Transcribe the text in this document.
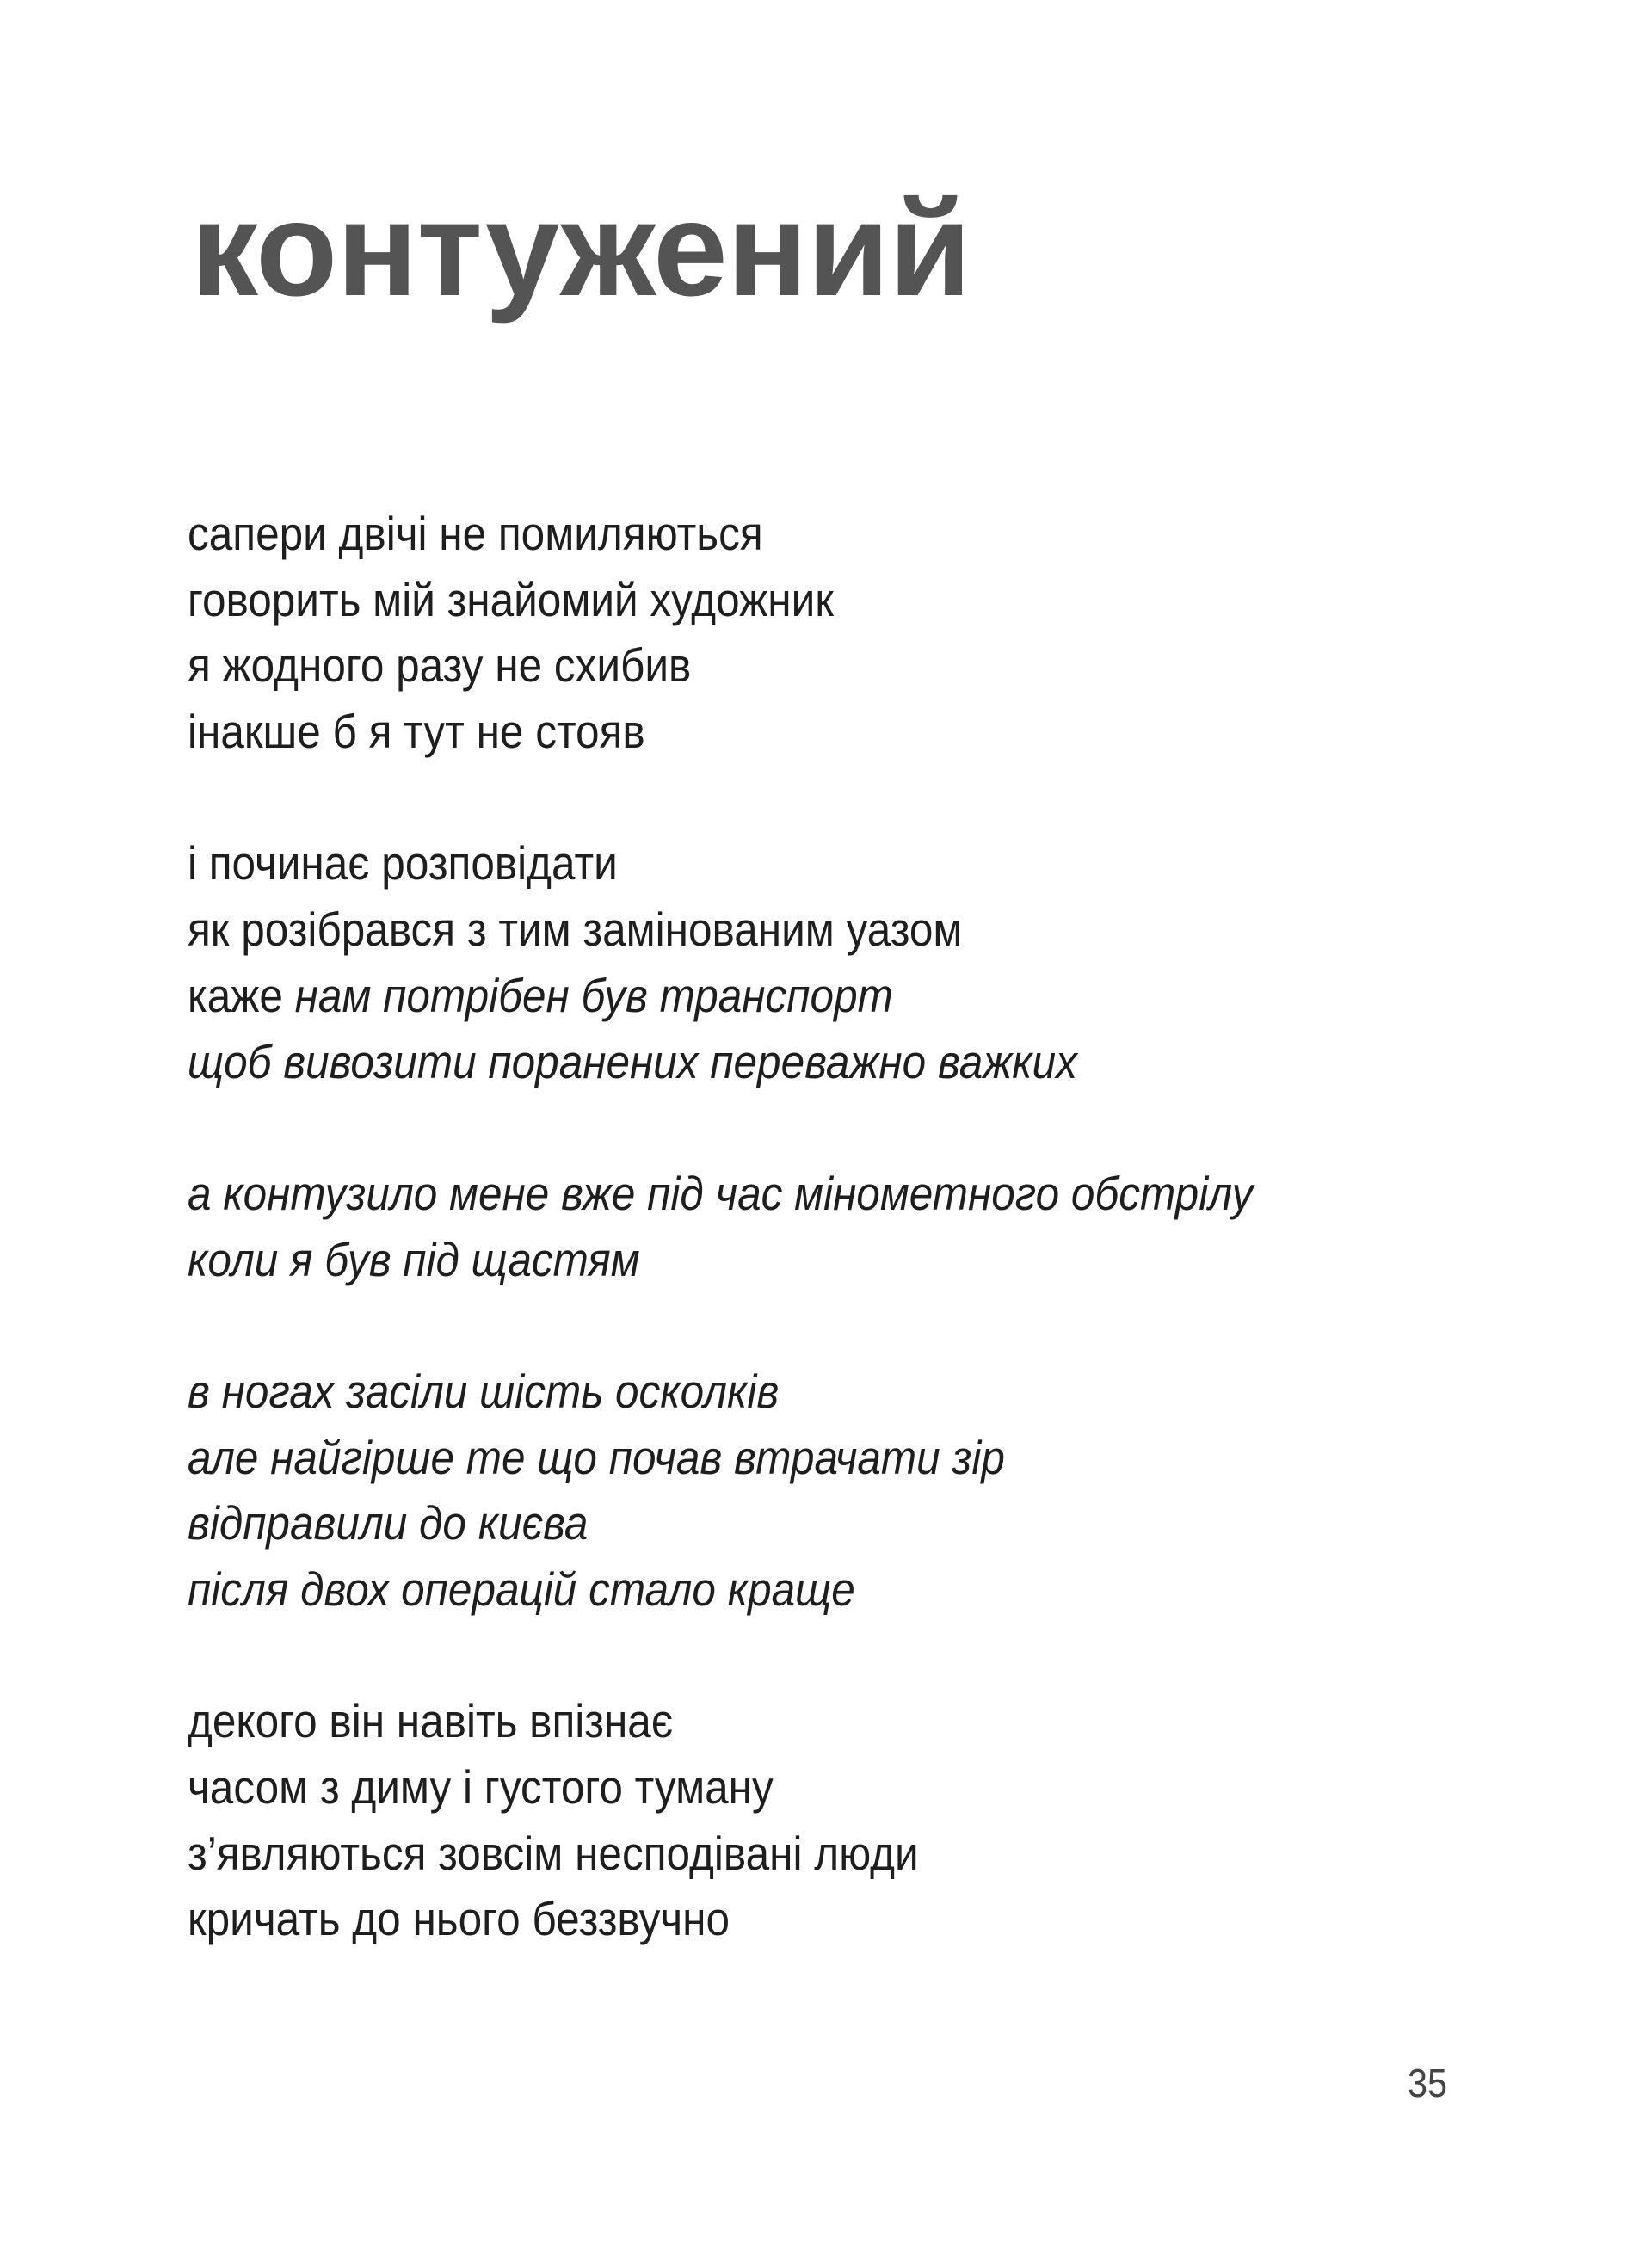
контужений
сапери двічі не помиляються
говорить мій знайомий художник
я жодного разу не схибив
інакше б я тут не стояв
і починає розповідати
як розібрався з тим замінованим уазом
каже нам потрібен був транспорт
щоб вивозити поранених переважно важких
а контузило мене вже під час мінометного обстрілу
коли я був під щастям
в ногах засіли шість осколків
але найгірше те що почав втрачати зір
відправили до києва
після двох операцій стало краще
декого він навіть впізнає
часом з диму і густого туману
з’являються зовсім несподівані люди
кричать до нього беззвучно
35
